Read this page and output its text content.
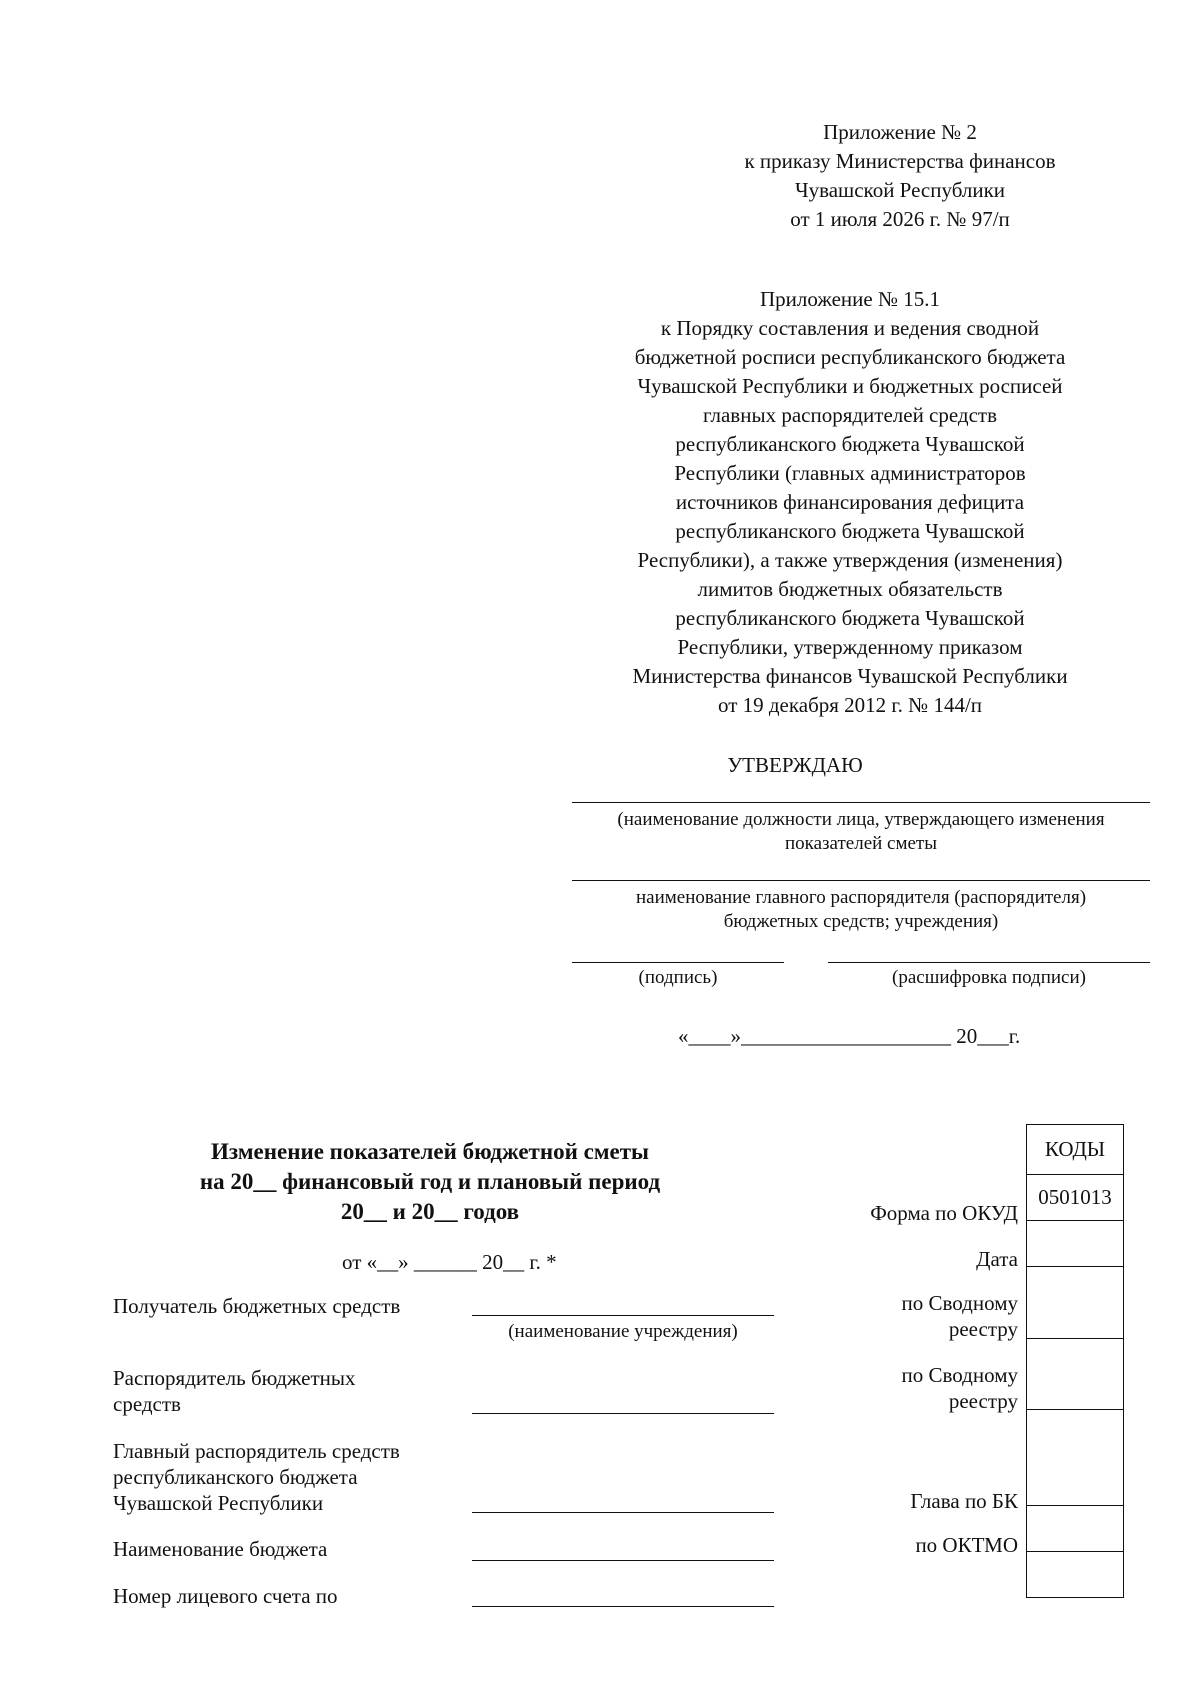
Приложение № 2
к приказу Министерства финансов
Чувашской Республики
от 1 июля 2026 г. № 97/п
Приложение № 15.1
к Порядку составления и ведения сводной
бюджетной росписи республиканского бюджета
Чувашской Республики и бюджетных росписей
главных распорядителей средств
республиканского бюджета Чувашской
Республики (главных администраторов
источников финансирования дефицита
республиканского бюджета Чувашской
Республики), а также утверждения (изменения)
лимитов бюджетных обязательств
республиканского бюджета Чувашской
Республики, утвержденному приказом
Министерства финансов Чувашской Республики
от 19 декабря 2012 г. № 144/п
УТВЕРЖДАЮ
(наименование должности лица, утверждающего изменения
показателей сметы
наименование главного распорядителя (распорядителя)
бюджетных средств; учреждения)
(подпись)	(расшифровка подписи)
«____»____________________ 20___г.
Изменение показателей бюджетной сметы
на 20__ финансовый год и плановый период
20__ и 20__ годов
от «__» ______ 20__ г. *
Получатель бюджетных средств
(наименование учреждения)
Распорядитель бюджетных
средств
Главный распорядитель средств
республиканского бюджета
Чувашской Республики
Наименование бюджета
Номер лицевого счета по
Форма по ОКУД
Дата
по Сводному
реестру
по Сводному
реестру
Глава по БК
по ОКТМО
КОДЫ
0501013
